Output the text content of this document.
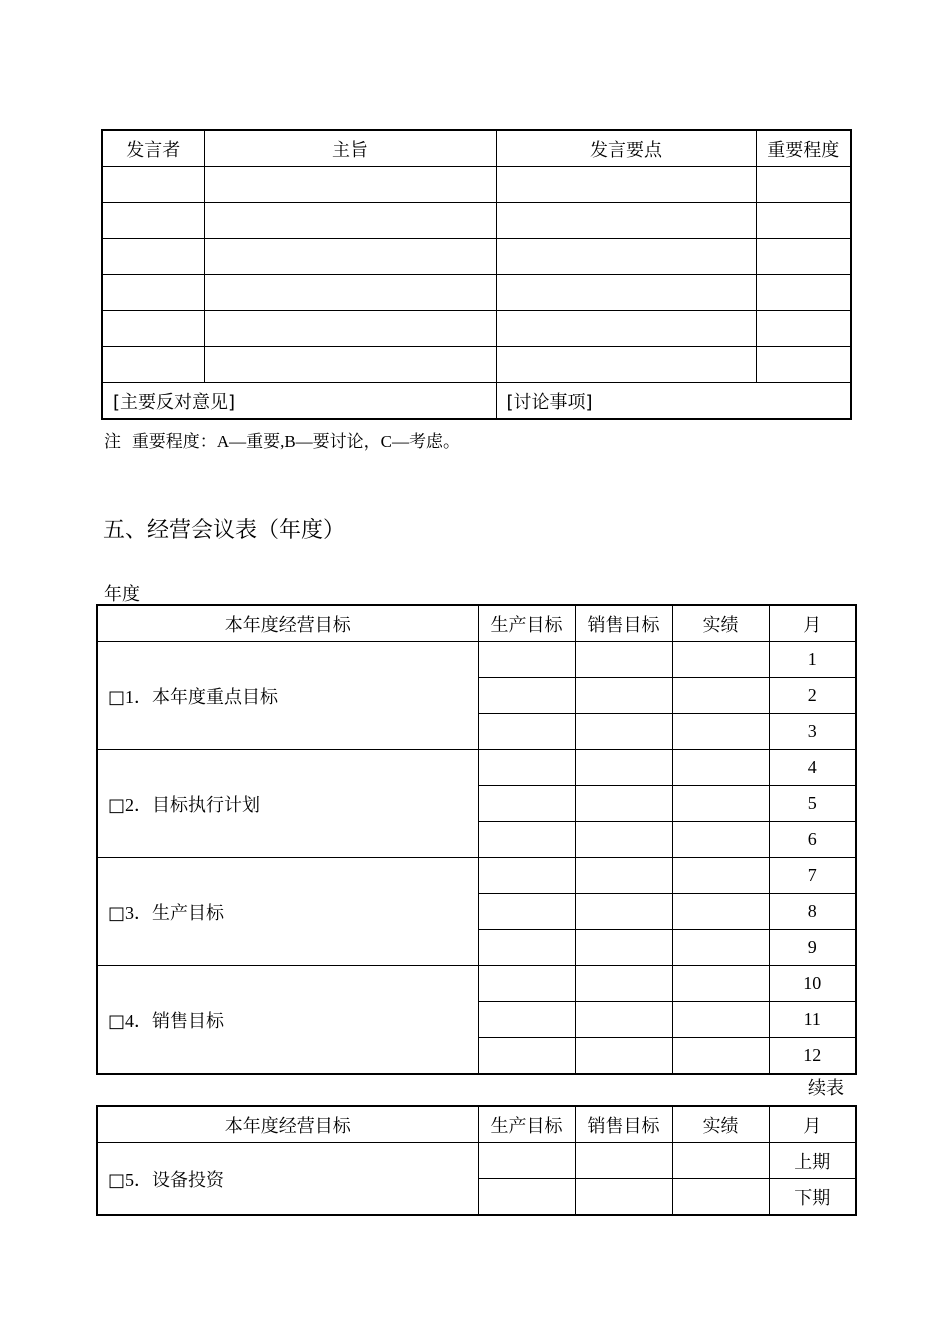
发言者	主旨	发言要点	重要程度

[主要反对意见]		[讨论事项]	
注 重要程度：A—重要,B—要讨论，C—考虑。
五、经营会议表（年度）
年度
本年度经营目标	生产目标	销售目标	实绩	月
□1．本年度重点目标				1
				2
				3
□2．目标执行计划				4
				5
				6
□3．生产目标				7
				8
				9
□4．销售目标				10
				11
				12
续表
本年度经营目标	生产目标	销售目标	实绩	月
□5．设备投资				上期
				下期
